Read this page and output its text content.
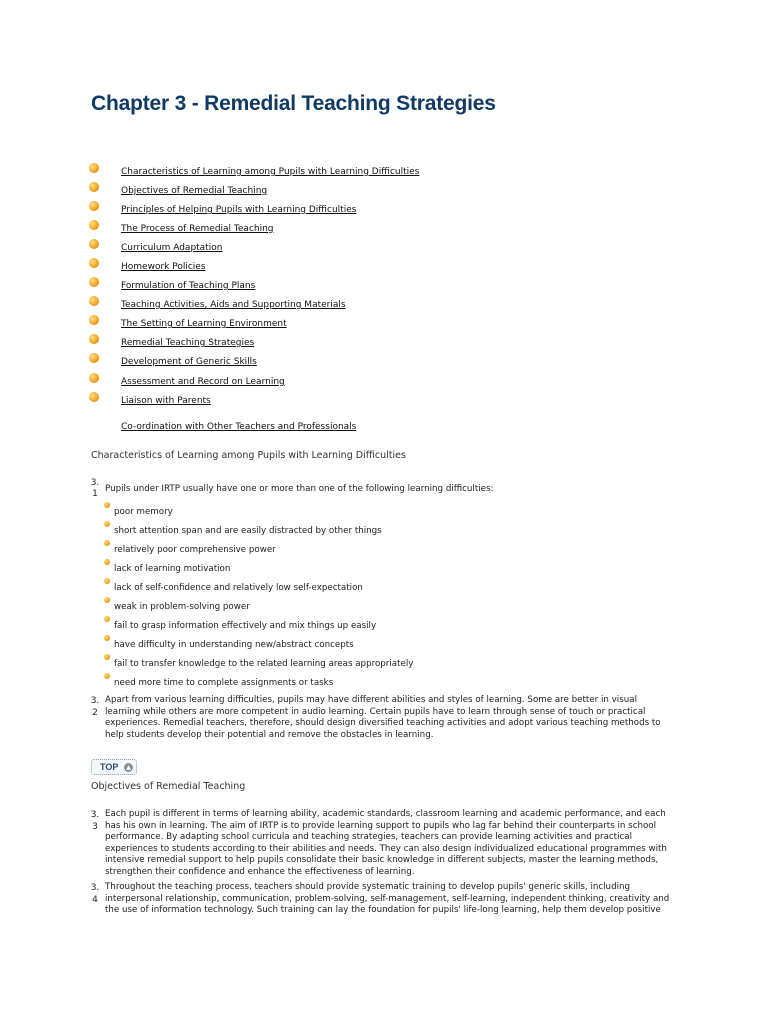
Chapter 3 - Remedial Teaching Strategies
Characteristics of Learning among Pupils with Learning Difficulties
Objectives of Remedial Teaching
Principles of Helping Pupils with Learning Difficulties
The Process of Remedial Teaching
Curriculum Adaptation
Homework Policies
Formulation of Teaching Plans
Teaching Activities, Aids and Supporting Materials
The Setting of Learning Environment
Remedial Teaching Strategies
Development of Generic Skills
Assessment and Record on Learning
Liaison with Parents
Co-ordination with Other Teachers and Professionals
Characteristics of Learning among Pupils with Learning Difficulties
3.
1 Pupils under IRTP usually have one or more than one of the following learning difficulties:

poor memory
short attention span and are easily distracted by other things
relatively poor comprehensive power
lack of learning motivation
lack of self-confidence and relatively low self-expectation
weak in problem-solving power
fail to grasp information effectively and mix things up easily
have difficulty in understanding new/abstract concepts
fail to transfer knowledge to the related learning areas appropriately
need more time to complete assignments or tasks
3.
2

Apart from various learning difficulties, pupils may have different abilities and styles of learning. Some are better in visual learning while others are more competent in audio learning. Certain pupils have to learn through sense of touch or practical experiences. Remedial teachers, therefore, should design diversified teaching activities and adopt various teaching methods to help students develop their potential and remove the obstacles in learning.

TOP	▲
Objectives of Remedial Teaching
3.
3

Each pupil is different in terms of learning ability, academic standards, classroom learning and academic performance, and each has his own in learning. The aim of IRTP is to provide learning support to pupils who lag far behind their counterparts in school performance. By adapting school curricula and teaching strategies, teachers can provide learning activities and practical experiences to students according to their abilities and needs. They can also design individualized educational programmes with intensive remedial support to help pupils consolidate their basic knowledge in different subjects, master the learning methods, strengthen their confidence and enhance the effectiveness of learning.

3.
4

Throughout the teaching process, teachers should provide systematic training to develop pupils' generic skills, including interpersonal relationship, communication, problem-solving, self-management, self-learning, independent thinking, creativity and the use of information technology. Such training can lay the foundation for pupils' life-long learning, help them develop positive
